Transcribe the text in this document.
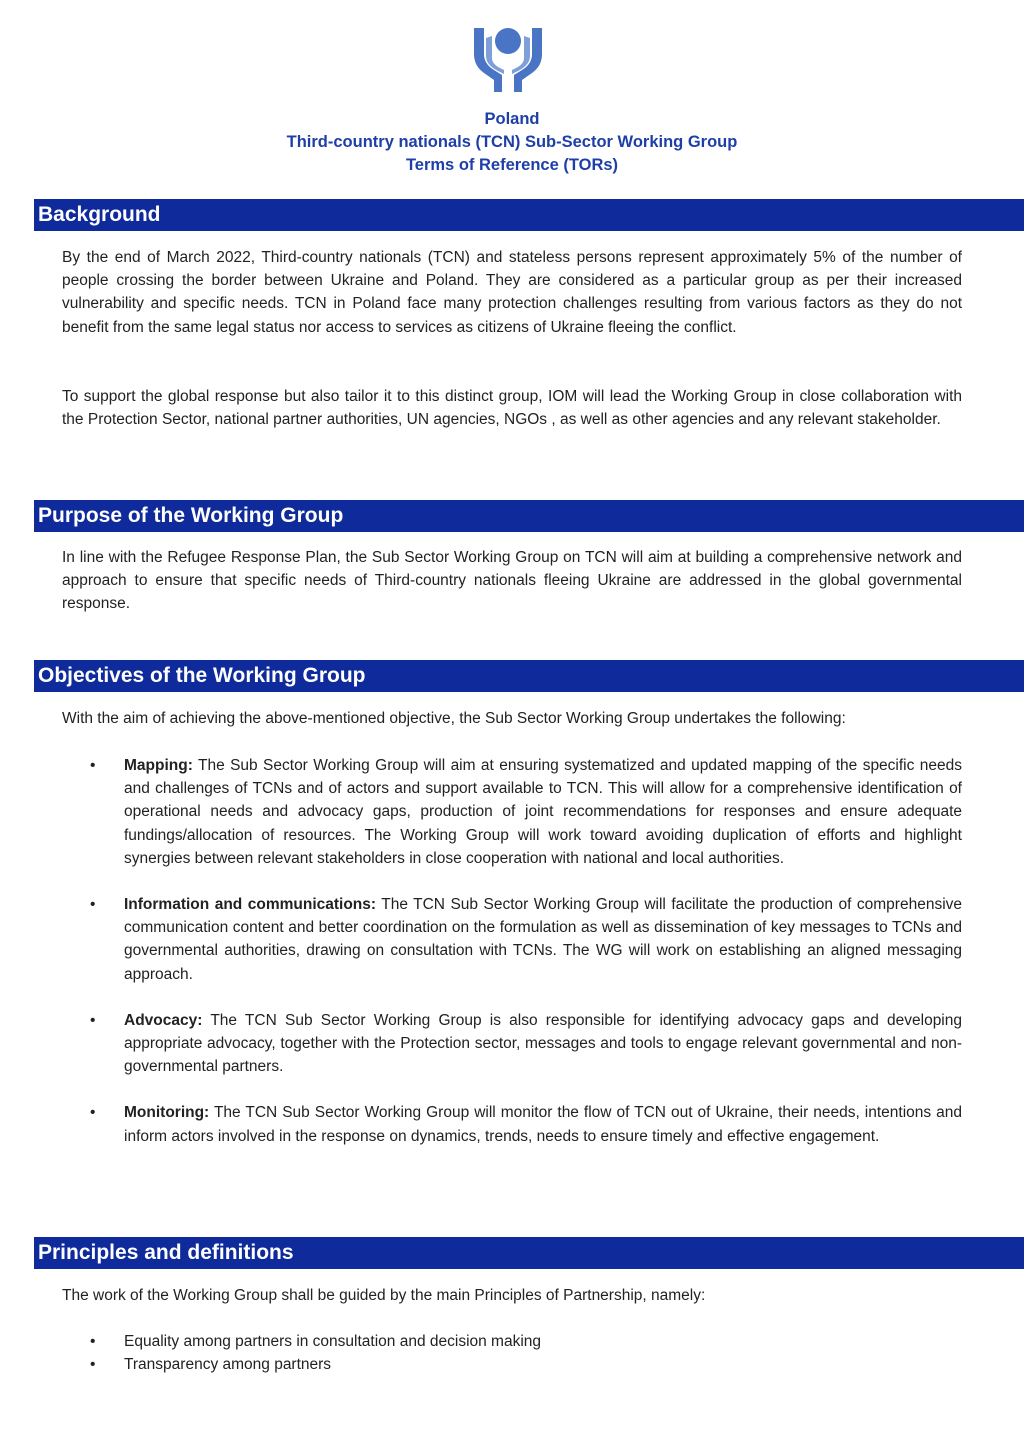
Poland
Third-country nationals (TCN) Sub-Sector Working Group
Terms of Reference (TORs)
Background

By the end of March 2022, Third-country nationals (TCN) and stateless persons represent approximately 5% of the number of people crossing the border between Ukraine and Poland. They are considered as a particular group as per their increased vulnerability and specific needs. TCN in Poland face many protection challenges resulting from various factors as they do not benefit from the same legal status nor access to services as citizens of Ukraine fleeing the conflict.

To support the global response but also tailor it to this distinct group, IOM will lead the Working Group in close collaboration with the Protection Sector, national partner authorities, UN agencies, NGOs , as well as other agencies and any relevant stakeholder.

Purpose of the Working Group

In line with the Refugee Response Plan, the Sub Sector Working Group on TCN will aim at building a comprehensive network and approach to ensure that specific needs of Third-country nationals fleeing Ukraine are addressed in the global governmental response.

Objectives of the Working Group

With the aim of achieving the above-mentioned objective, the Sub Sector Working Group undertakes the following:

• Mapping: The Sub Sector Working Group will aim at ensuring systematized and updated mapping of the specific needs and challenges of TCNs and of actors and support available to TCN. This will allow for a comprehensive identification of operational needs and advocacy gaps, production of joint recommendations for responses and ensure adequate fundings/allocation of resources. The Working Group will work toward avoiding duplication of efforts and highlight synergies between relevant stakeholders in close cooperation with national and local authorities.
• Information and communications: The TCN Sub Sector Working Group will facilitate the production of comprehensive communication content and better coordination on the formulation as well as dissemination of key messages to TCNs and governmental authorities, drawing on consultation with TCNs. The WG will work on establishing an aligned messaging approach.
• Advocacy: The TCN Sub Sector Working Group is also responsible for identifying advocacy gaps and developing appropriate advocacy, together with the Protection sector, messages and tools to engage relevant governmental and non-governmental partners.
• Monitoring: The TCN Sub Sector Working Group will monitor the flow of TCN out of Ukraine, their needs, intentions and inform actors involved in the response on dynamics, trends, needs to ensure timely and effective engagement.
Principles and definitions

The work of the Working Group shall be guided by the main Principles of Partnership, namely:

• Equality among partners in consultation and decision making
• Transparency among partners
